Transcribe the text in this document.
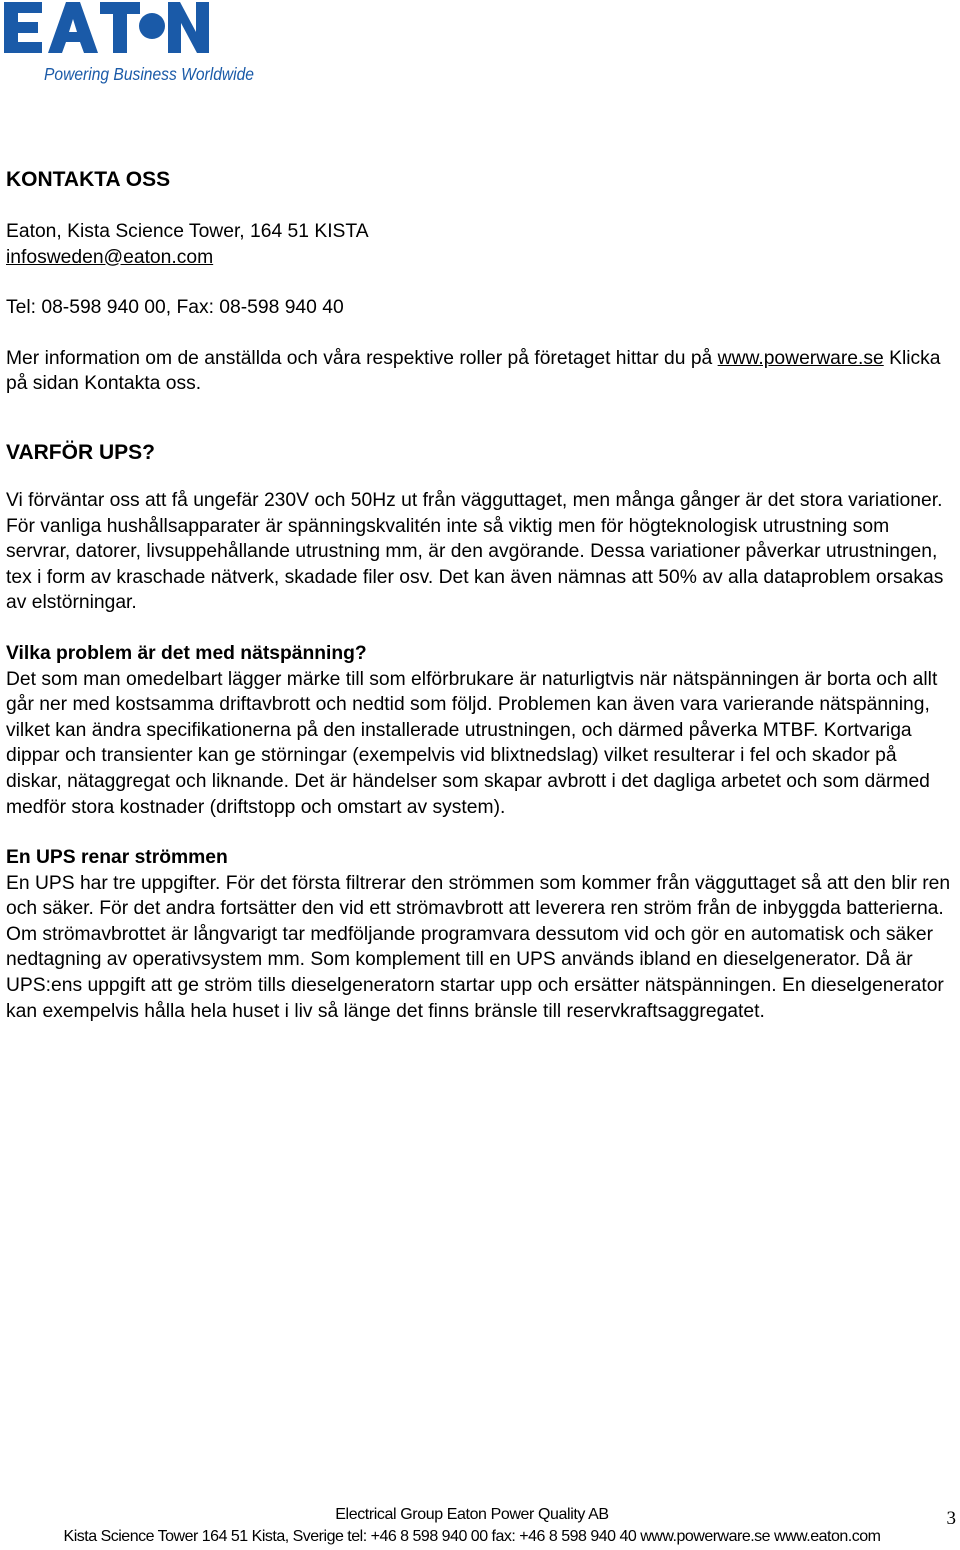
Powering Business Worldwide

KONTAKTA OSS

Eaton, Kista Science Tower, 164 51 KISTA

infosweden@eaton.com

Tel: 08-598 940 00, Fax: 08-598 940 40

Mer information om de anställda och våra respektive roller på företaget hittar du på www.powerware.se Klicka på sidan Kontakta oss.

VARFÖR UPS?

Vi förväntar oss att få ungefär 230V och 50Hz ut från vägguttaget, men många gånger är det stora variationer. För vanliga hushållsapparater är spänningskvalitén inte så viktig men för högteknologisk utrustning som servrar, datorer, livsuppehållande utrustning mm, är den avgörande. Dessa variationer påverkar utrustningen, tex i form av kraschade nätverk, skadade filer osv. Det kan även nämnas att 50% av alla dataproblem orsakas av elstörningar.

Vilka problem är det med nätspänning?

Det som man omedelbart lägger märke till som elförbrukare är naturligtvis när nätspänningen är borta och allt går ner med kostsamma driftavbrott och nedtid som följd. Problemen kan även vara varierande nätspänning, vilket kan ändra specifikationerna på den installerade utrustningen, och därmed påverka MTBF. Kortvariga dippar och transienter kan ge störningar (exempelvis vid blixtnedslag) vilket resulterar i fel och skador på diskar, nätaggregat och liknande. Det är händelser som skapar avbrott i det dagliga arbetet och som därmed medför stora kostnader (driftstopp och omstart av system).

En UPS renar strömmen

En UPS har tre uppgifter. För det första filtrerar den strömmen som kommer från vägguttaget så att den blir ren och säker. För det andra fortsätter den vid ett strömavbrott att leverera ren ström från de inbyggda batterierna. Om strömavbrottet är långvarigt tar medföljande programvara dessutom vid och gör en automatisk och säker nedtagning av operativsystem mm. Som komplement till en UPS används ibland en dieselgenerator. Då är UPS:ens uppgift att ge ström tills dieselgeneratorn startar upp och ersätter nätspänningen. En dieselgenerator kan exempelvis hålla hela huset i liv så länge det finns bränsle till reservkraftsaggregatet.

Electrical Group Eaton Power Quality AB
Kista Science Tower 164 51 Kista, Sverige tel: +46 8 598 940 00 fax: +46 8 598 940 40 www.powerware.se www.eaton.com
3
